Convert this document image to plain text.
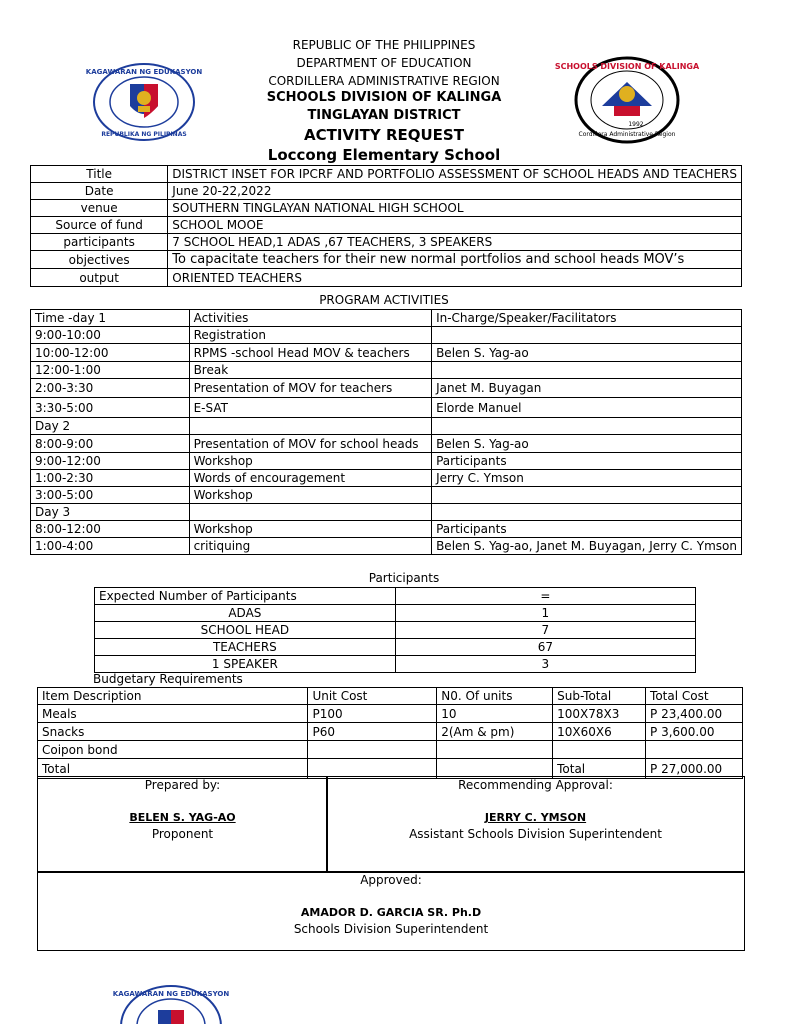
REPUBLIC OF THE PHILIPPINES
DEPARTMENT OF EDUCATION
CORDILLERA ADMINISTRATIVE REGION
SCHOOLS DIVISION OF KALINGA
TINGLAYAN DISTRICT
ACTIVITY REQUEST
Loccong Elementary School
KAGAWARAN NG EDUKASYON
REPUBLIKA NG PILIPINAS
SCHOOLS DIVISION OF KALINGA
Cordillera Administrative Region
1992
Title	DISTRICT INSET FOR IPCRF AND PORTFOLIO ASSESSMENT OF SCHOOL HEADS AND TEACHERS
Date	June 20-22,2022
venue	SOUTHERN TINGLAYAN NATIONAL HIGH SCHOOL
Source of fund	SCHOOL MOOE
participants	7 SCHOOL HEAD,1 ADAS ,67 TEACHERS, 3 SPEAKERS
objectives	To capacitate teachers for their new normal portfolios and school heads MOV’s
output	ORIENTED TEACHERS
PROGRAM ACTIVITIES
Time -day 1	Activities	In-Charge/Speaker/Facilitators
9:00-10:00	Registration	
10:00-12:00	RPMS -school Head MOV & teachers	Belen S. Yag-ao
12:00-1:00	Break	
2:00-3:30	Presentation of MOV for teachers	Janet M. Buyagan
3:30-5:00	E-SAT	Elorde Manuel
Day 2		
8:00-9:00	Presentation of MOV for school heads	Belen S. Yag-ao
9:00-12:00	Workshop	Participants
1:00-2:30	Words of encouragement	Jerry C. Ymson
3:00-5:00	Workshop	
Day 3		
8:00-12:00	Workshop	Participants
1:00-4:00	critiquing	Belen S. Yag-ao, Janet M. Buyagan, Jerry C. Ymson
Participants
Expected Number of Participants	=
ADAS	1
SCHOOL HEAD	7
TEACHERS	67
1 SPEAKER	3
Budgetary Requirements
Item Description	Unit Cost	N0. Of units	Sub-Total	Total Cost
Meals	P100	10	100X78X3	P 23,400.00
Snacks	P60	2(Am & pm)	10X60X6	P 3,600.00
Coipon bond				
Total			Total	P 27,000.00
Prepared by:
BELEN S. YAG-AO
Proponent
Recommending Approval:
JERRY C. YMSON
Assistant Schools Division Superintendent
Approved:
AMADOR D. GARCIA SR. Ph.D
Schools Division Superintendent
KAGAWARAN NG EDUKASYON
